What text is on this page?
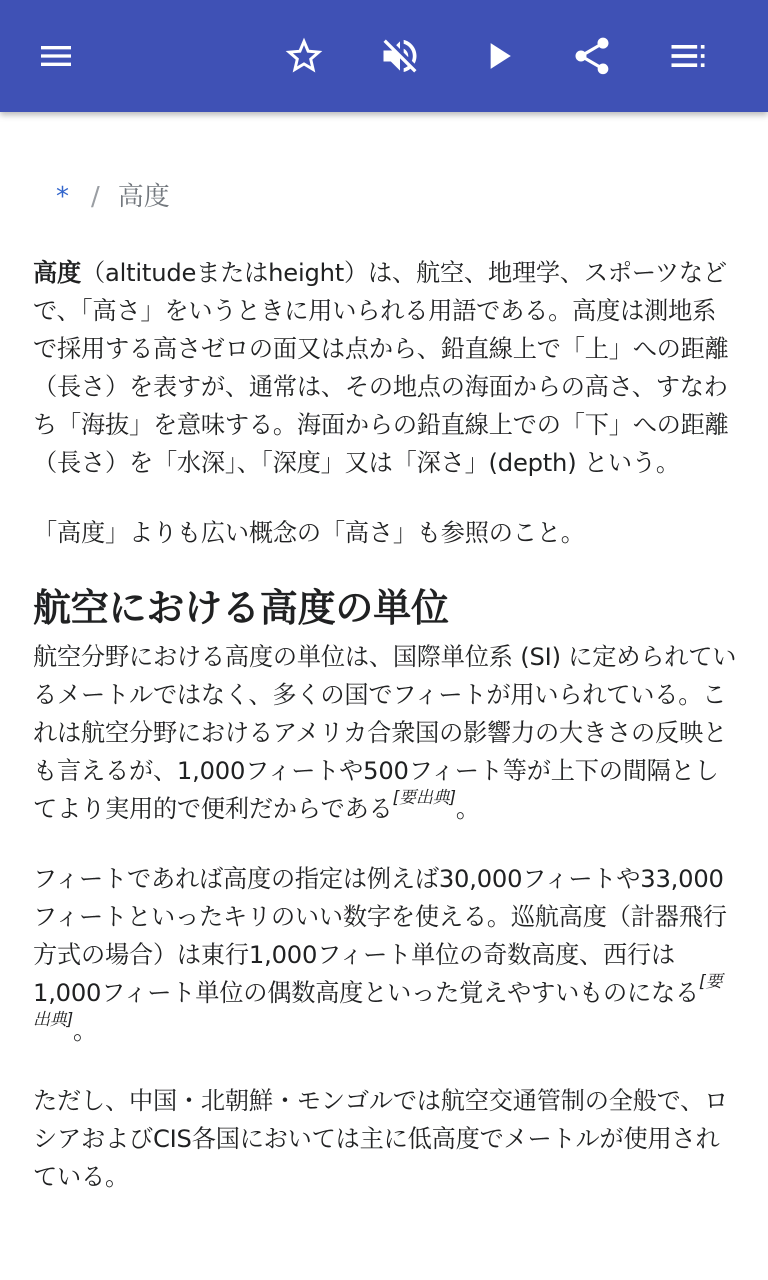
* / 高度

高度（altitudeまたはheight）は、航空、地理学、スポーツなどで、「高さ」をいうときに用いられる用語である。高度は測地系で採用する高さゼロの面又は点から、鉛直線上で「上」への距離（長さ）を表すが、通常は、その地点の海面からの高さ、すなわち「海抜」を意味する。海面からの鉛直線上での「下」への距離（長さ）を「水深」、「深度」又は「深さ」(depth) という。

「高度」よりも広い概念の「高さ」も参照のこと。

航空における高度の単位

航空分野における高度の単位は、国際単位系 (SI) に定められているメートルではなく、多くの国でフィートが用いられている。これは航空分野におけるアメリカ合衆国の影響力の大きさの反映とも言えるが、1,000フィートや500フィート等が上下の間隔としてより実用的で便利だからである[要出典]。

フィートであれば高度の指定は例えば30,000フィートや33,000フィートといったキリのいい数字を使える。巡航高度（計器飛行方式の場合）は東行1,000フィート単位の奇数高度、西行は1,000フィート単位の偶数高度といった覚えやすいものになる[要出典]。

ただし、中国・北朝鮮・モンゴルでは航空交通管制の全般で、ロシアおよびCIS各国においては主に低高度でメートルが使用されている。
